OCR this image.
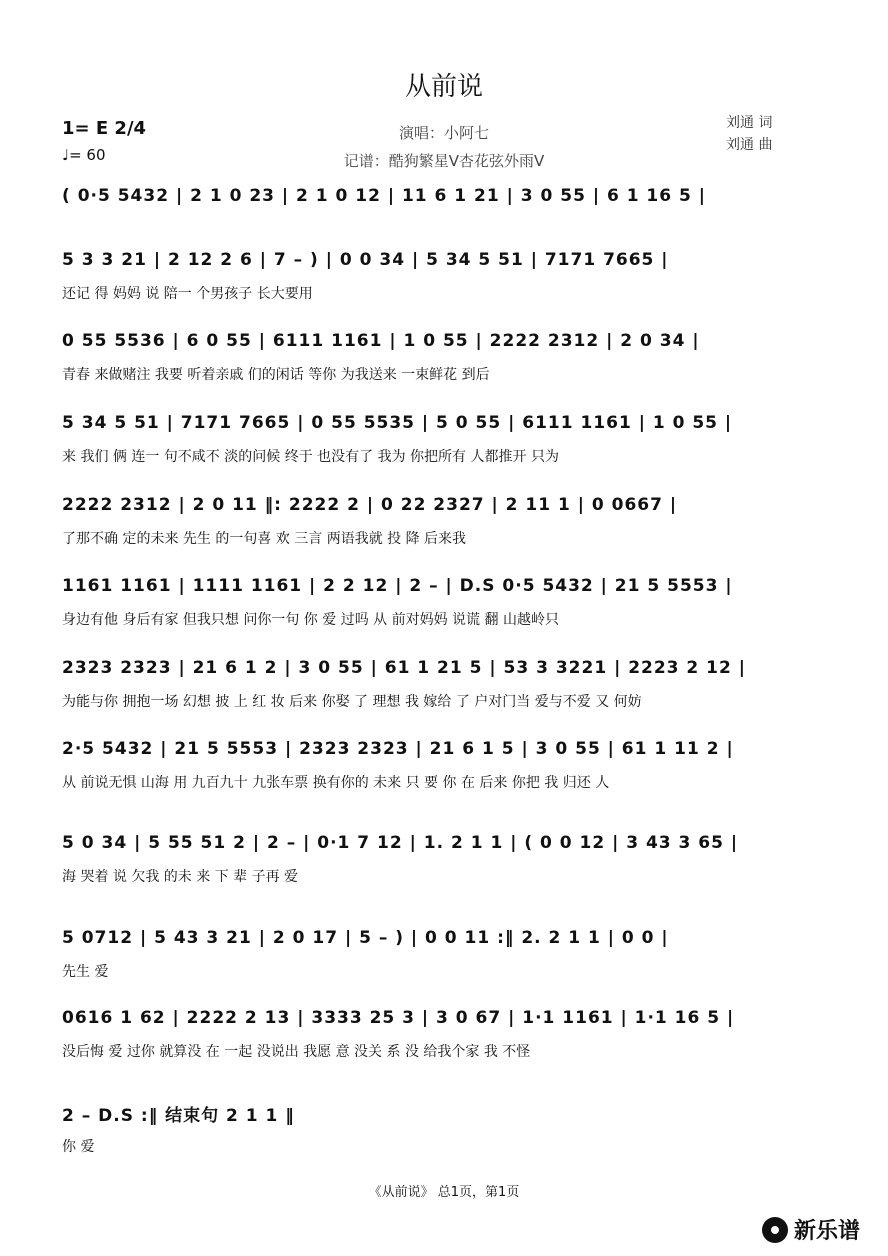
从前说
1= E 2/4
♩= 60
演唱：小阿七
记谱：酷狗繁星V杏花弦外雨V
刘通 词
刘通 曲
( 0·5 5432 | 2 1 0 23 | 2 1 0 12 | 11 6 1 21 | 3 0 55 | 6 1 16 5 |
5 3 3 21 | 2 12 2 6 | 7 – ) | 0 0 34 | 5 34 5 51 | 7171 7665 |
还记 得 妈妈 说 陪一 个男孩子 长大要用
0 55 5536 | 6 0 55 | 6111 1161 | 1 0 55 | 2222 2312 | 2 0 34 |
青春 来做赌注 我要 听着亲戚 们的闲话 等你 为我送来 一束鲜花 到后
5 34 5 51 | 7171 7665 | 0 55 5535 | 5 0 55 | 6111 1161 | 1 0 55 |
来 我们 俩 连一 句不咸不 淡的问候 终于 也没有了 我为 你把所有 人都推开 只为
2222 2312 | 2 0 11 ‖: 2222 2 | 0 22 2327 | 2 11 1 | 0 0667 |
了那不确 定的未来 先生 的一句喜 欢 三言 两语我就 投 降 后来我
1161 1161 | 1111 1161 | 2 2 12 | 2 – | D.S 0·5 5432 | 21 5 5553 |
身边有他 身后有家 但我只想 问你一句 你 爱 过吗 从 前对妈妈 说谎 翻 山越岭只
2323 2323 | 21 6 1 2 | 3 0 55 | 61 1 21 5 | 53 3 3221 | 2223 2 12 |
为能与你 拥抱一场 幻想 披 上 红 妆 后来 你娶 了 理想 我 嫁给 了 户对门当 爱与不爱 又 何妨
2·5 5432 | 21 5 5553 | 2323 2323 | 21 6 1 5 | 3 0 55 | 61 1 11 2 |
从 前说无惧 山海 用 九百九十 九张车票 换有你的 未来 只 要 你 在 后来 你把 我 归还 人
5 0 34 | 5 55 51 2 | 2 – | 0·1 7 12 | 1. 2 1 1 | ( 0 0 12 | 3 43 3 65 |
海 哭着 说 欠我 的未 来 下 辈 子再 爱
5 0712 | 5 43 3 21 | 2 0 17 | 5 – ) | 0 0 11 :‖ 2. 2 1 1 | 0 0 |
先生 爱
0616 1 62 | 2222 2 13 | 3333 25 3 | 3 0 67 | 1·1 1161 | 1·1 16 5 |
没后悔 爱 过你 就算没 在 一起 没说出 我愿 意 没关 系 没 给我个家 我 不怪
2 – D.S :‖ 结束句 2 1 1 ‖
你 爱
《从前说》 总1页，第1页
新乐谱
